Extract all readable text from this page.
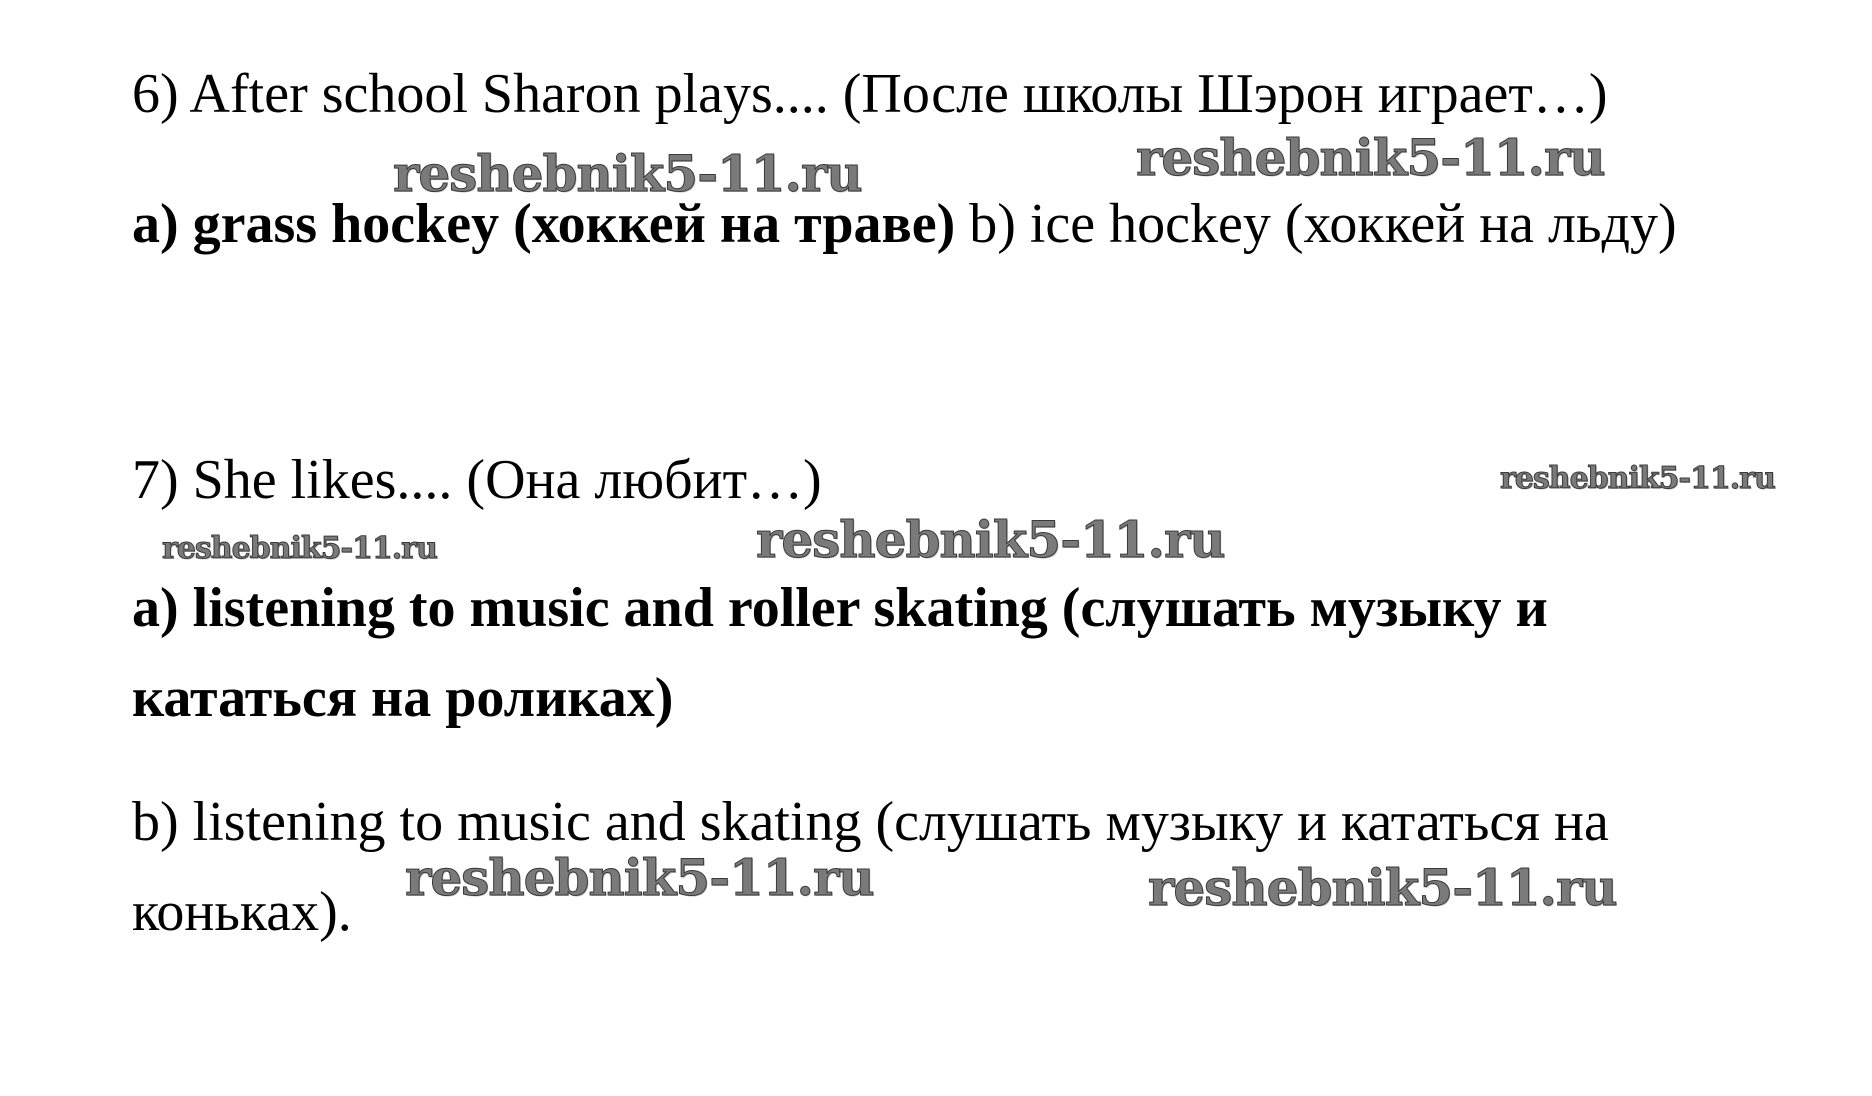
6) After school Sharon plays.... (После школы Шэрон играет…)
a) grass hockey (хоккей на траве) b) ice hockey (хоккей на льду)
7) She likes.... (Она любит…)
a) listening to music and roller skating (слушать музыку и
кататься на роликах)
b) listening to music and skating (слушать музыку и кататься на
коньках).
reshebnik5-11.ru	reshebnik5-11.ru
reshebnik5-11.ru
reshebnik5-11.ru	reshebnik5-11.ru
reshebnik5-11.ru	reshebnik5-11.ru
